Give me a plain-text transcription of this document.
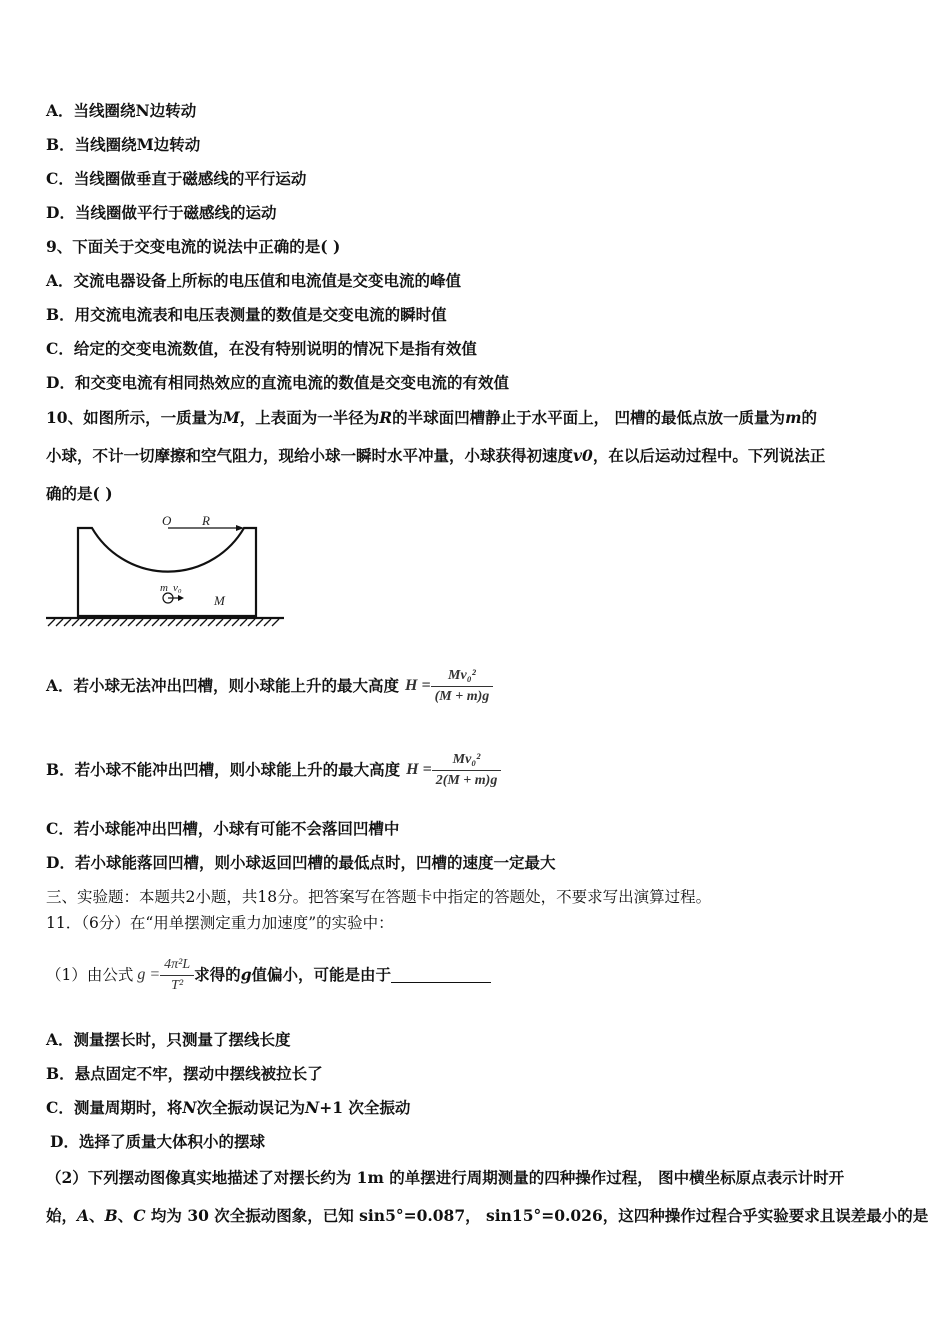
A．当线圈绕N边转动
B．当线圈绕M边转动
C．当线圈做垂直于磁感线的平行运动
D．当线圈做平行于磁感线的运动
9、下面关于交变电流的说法中正确的是( )
A．交流电器设备上所标的电压值和电流值是交变电流的峰值
B．用交流电流表和电压表测量的数值是交变电流的瞬时值
C．给定的交变电流数值，在没有特别说明的情况下是指有效值
D．和交变电流有相同热效应的直流电流的数值是交变电流的有效值
10、如图所示，一质量为M，上表面为一半径为R的半球面凹槽静止于水平面上， 凹槽的最低点放一质量为m的
小球，不计一切摩擦和空气阻力，现给小球一瞬时水平冲量，小球获得初速度v0，在以后运动过程中。下列说法正
确的是( )
O R
m v₀
M
A． 若小球无法冲出凹槽，则小球能上升的最大高度 $H = \frac{\text{Mv₀²}}{(M + m)g}$
B． 若小球不能冲出凹槽，则小球能上升的最大高度 $H = \frac{\text{Mv₀²}}{2(M + m)g}$
C．若小球能冲出凹槽，小球有可能不会落回凹槽中
D．若小球能落回凹槽，则小球返回凹槽的最低点时，凹槽的速度一定最大
三、实验题：本题共2小题，共18分。把答案写在答题卡中指定的答题处，不要求写出演算过程。
11．（6分）在“用单摆测定重力加速度”的实验中：
（1）由公式 $g = \frac{\text{4π²L}}{\text{T²}}$ 求得的 g 值偏小，可能是由于
A．测量摆长时，只测量了摆线长度
B．悬点固定不牢，摆动中摆线被拉长了
C．测量周期时，将N次全振动误记为N+1 次全振动
D．选择了质量大体积小的摆球
（2）下列摆动图像真实地描述了对摆长约为 1m 的单摆进行周期测量的四种操作过程， 图中横坐标原点表示计时开
始，A、B、C 均为 30 次全振动图象，已知 sin5°=0.087， sin15°=0.026，这四种操作过程合乎实验要求且误差最小的是
